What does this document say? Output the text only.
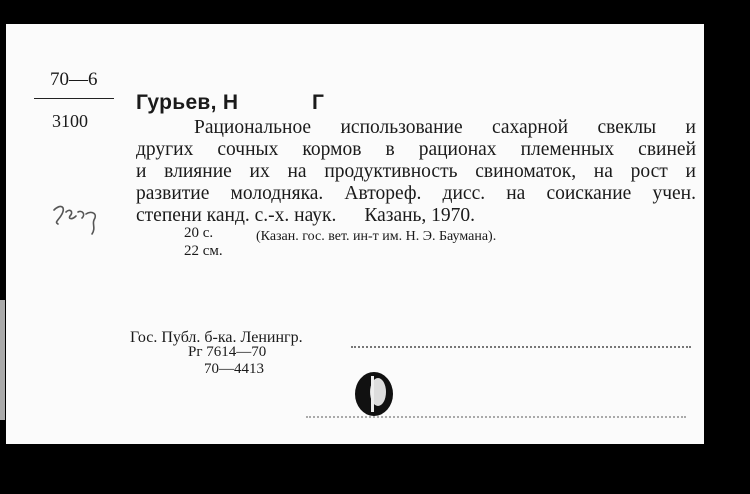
70—6
3100
Гурьев, Н	Г
Рациональное использование сахарной свеклы и
других сочных кормов в рационах племенных свиней
и влияние их на продуктивность свиноматок, на рост и
развитие молодняка. Автореф. дисс. на соискание учен.
степени канд. с.-х. наук. Казань, 1970.
20 с.	(Казан. гос. вет. ин-т им. Н. Э. Баумана).
22 см.
Гос. Публ. б-ка. Ленингр.
Рг 7614—70
70—4413
